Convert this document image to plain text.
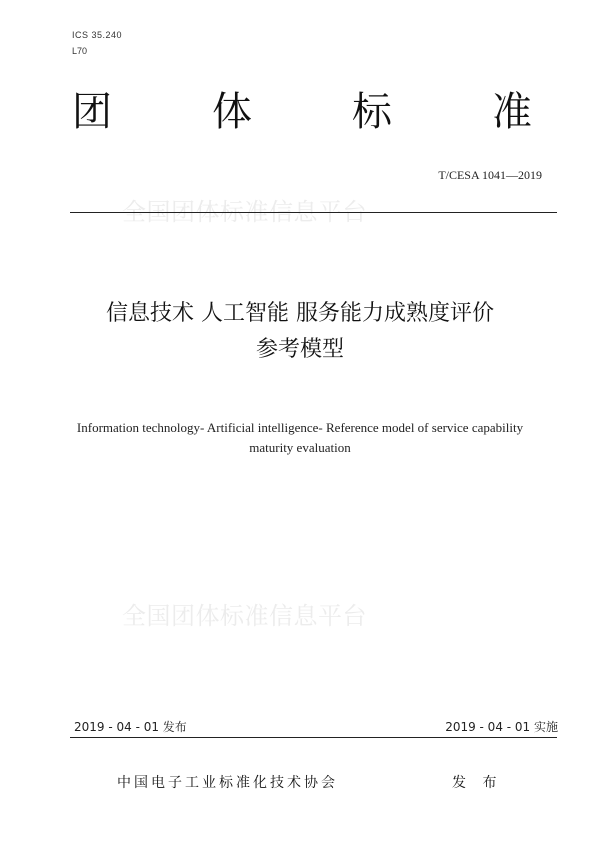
ICS 35.240
L70
团	体	标	准
T/CESA 1041—2019
全国团体标准信息平台
信息技术 人工智能 服务能力成熟度评价
参考模型
Information technology- Artificial intelligence- Reference model of service capability
maturity evaluation
全国团体标准信息平台
2019 - 04 - 01 发布	2019 - 04 - 01 实施
中国电子工业标准化技术协会	发 布
